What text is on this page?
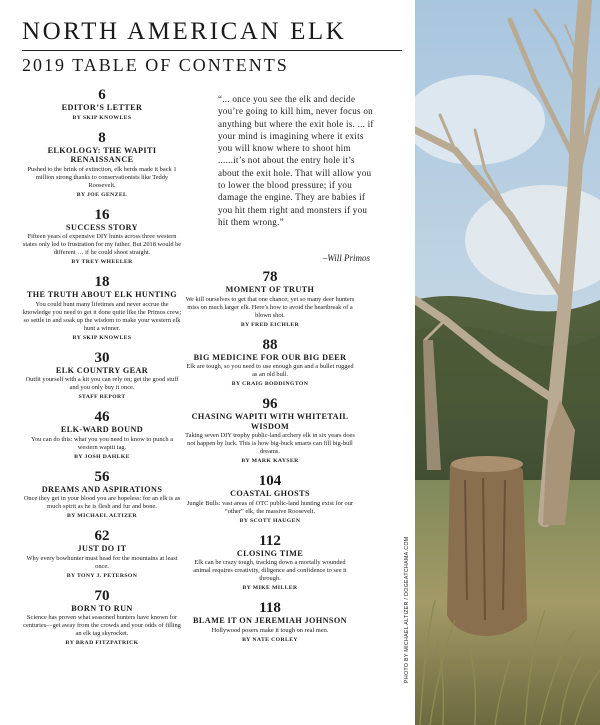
NORTH AMERICAN ELK
2019 TABLE OF CONTENTS
6
EDITOR’S LETTER
BY SKIP KNOWLES
8
ELKOLOGY: THE WAPITI RENAISSANCE
Pushed to the brink of extinction, elk herds made it back 1 million strong thanks to conservationists like Teddy Roosevelt.
BY JOE GENZEL
16
SUCCESS STORY
Fifteen years of expensive DIY hunts across three western states only led to frustration for my father. But 2018 would be different … if he could shoot straight.
BY TREY WHEELER
18
THE TRUTH ABOUT ELK HUNTING
You could hunt many lifetimes and never accrue the knowledge you need to get it done quite like the Primos crew; so settle in and soak up the wisdom to make your western elk hunt a winner.
BY SKIP KNOWLES
30
ELK COUNTRY GEAR
Outfit yourself with a kit you can rely on; get the good stuff and you only buy it once.
STAFF REPORT
46
ELK-WARD BOUND
You can do this: what you you need to know to punch a western wapiti tag.
BY JOSH DAHLKE
56
DREAMS AND ASPIRATIONS
Once they get in your blood you are hopeless: for an elk is as much spirit as he is flesh and fur and bone.
BY MICHAEL ALTIZER
62
JUST DO IT
Why every bowhunter must head for the mountains at least once.
BY TONY J. PETERSON
70
BORN TO RUN
Science has proven what seasoned hunters have known for centuries—get away from the crowds and your odds of filling an elk tag skyrocket.
BY BRAD FITZPATRICK
“... once you see the elk and decide you’re going to kill him, never focus on anything but where the exit hole is. ... if your mind is imagining where it exits you will know where to shoot him ......it’s not about the entry hole it’s about the exit hole. That will allow you to lower the blood pressure; if you damage the engine. They are babies if you hit them right and monsters if you hit them wrong.”
–Will Primos
78
MOMENT OF TRUTH
We kill ourselves to get that one chance; yet so many deer hunters miss on much larger elk. Here’s how to avoid the heartbreak of a blown shot.
BY FRED EICHLER
88
BIG MEDICINE FOR OUR BIG DEER
Elk are tough, so you need to use enough gun and a bullet rugged as an old bull.
BY CRAIG BODDINGTON
96
CHASING WAPITI WITH WHITETAIL WISDOM
Taking seven DIY trophy public-land archery elk in six years does not happen by luck. This is how big-buck smarts can fill big-bull dreams.
BY MARK KAYSER
104
COASTAL GHOSTS
Jungle Bulls: vast areas of OTC public-land hunting exist for our “other” elk, the massive Roosevelt.
BY SCOTT HAUGEN
112
CLOSING TIME
Elk can be crazy tough, tracking down a mortally wounded animal requires creativity, diligence and confidence to see it through.
BY MIKE MILLER
118
BLAME IT ON JEREMIAH JOHNSON
Hollywood posers make it tough on real men.
BY NATE CORLEY	PHOTO BY MICHAEL ALTIZER / DOGEATCHAMA.COM
